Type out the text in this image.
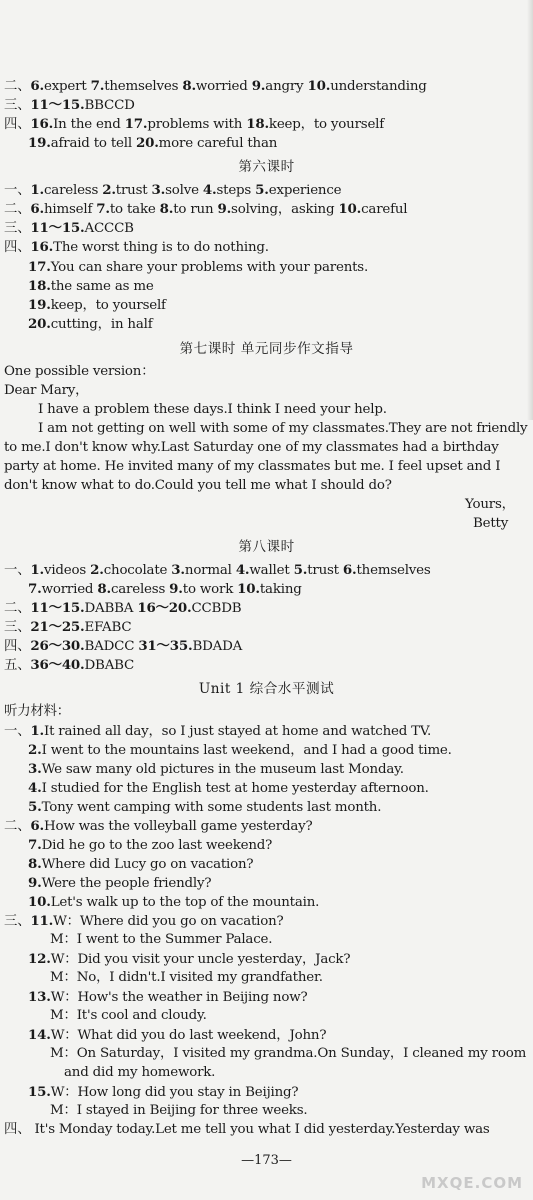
二、6.expert 7.themselves 8.worried 9.angry 10.understanding
三、11～15.BBCCD
四、16.In the end 17.problems with 18.keep，to yourself
19.afraid to tell 20.more careful than
第六课时
一、1.careless 2.trust 3.solve 4.steps 5.experience
二、6.himself 7.to take 8.to run 9.solving，asking 10.careful
三、11～15.ACCCB
四、16.The worst thing is to do nothing.
17.You can share your problems with your parents.
18.the same as me
19.keep，to yourself
20.cutting，in half
第七课时 单元同步作文指导
One possible version：
Dear Mary，
I have a problem these days.I think I need your help.
I am not getting on well with some of my classmates.They are not friendly
to me.I don't know why.Last Saturday one of my classmates had a birthday
party at home. He invited many of my classmates but me. I feel upset and I
don't know what to do.Could you tell me what I should do?
Yours，
Betty
第八课时
一、1.videos 2.chocolate 3.normal 4.wallet 5.trust 6.themselves
7.worried 8.careless 9.to work 10.taking
二、11～15.DABBA 16～20.CCBDB
三、21～25.EFABC
四、26～30.BADCC 31～35.BDADA
五、36～40.DBABC
Unit 1 综合水平测试
听力材料：
一、1.It rained all day，so I just stayed at home and watched TV.
2.I went to the mountains last weekend，and I had a good time.
3.We saw many old pictures in the museum last Monday.
4.I studied for the English test at home yesterday afternoon.
5.Tony went camping with some students last month.
二、6.How was the volleyball game yesterday?
7.Did he go to the zoo last weekend?
8.Where did Lucy go on vacation?
9.Were the people friendly?
10.Let's walk up to the top of the mountain.
三、11.W：Where did you go on vacation?
M：I went to the Summer Palace.
12.W：Did you visit your uncle yesterday，Jack?
M：No，I didn't.I visited my grandfather.
13.W：How's the weather in Beijing now?
M：It's cool and cloudy.
14.W：What did you do last weekend，John?
M：On Saturday，I visited my grandma.On Sunday，I cleaned my room
and did my homework.
15.W：How long did you stay in Beijing?
M：I stayed in Beijing for three weeks.
四、 It's Monday today.Let me tell you what I did yesterday.Yesterday was
—173—
MXQE.COM
